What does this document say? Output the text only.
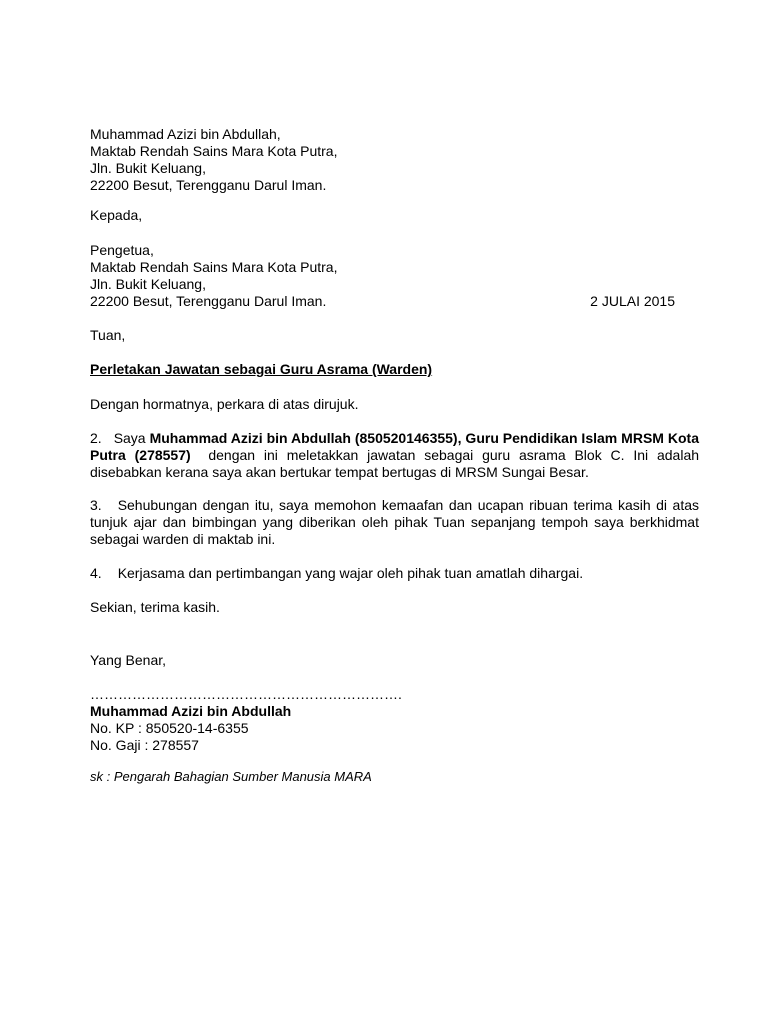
Muhammad Azizi bin Abdullah,
Maktab Rendah Sains Mara Kota Putra,
Jln. Bukit Keluang,
22200 Besut, Terengganu Darul Iman.
Kepada,
Pengetua,
Maktab Rendah Sains Mara Kota Putra,
Jln. Bukit Keluang,
22200 Besut, Terengganu Darul Iman.	2 JULAI 2015
Tuan,
Perletakan Jawatan sebagai Guru Asrama (Warden)
Dengan hormatnya, perkara di atas dirujuk.
2. Saya Muhammad Azizi bin Abdullah (850520146355), Guru Pendidikan Islam MRSM Kota Putra (278557) dengan ini meletakkan jawatan sebagai guru asrama Blok C. Ini adalah disebabkan kerana saya akan bertukar tempat bertugas di MRSM Sungai Besar.
3. Sehubungan dengan itu, saya memohon kemaafan dan ucapan ribuan terima kasih di atas tunjuk ajar dan bimbingan yang diberikan oleh pihak Tuan sepanjang tempoh saya berkhidmat sebagai warden di maktab ini.
4. Kerjasama dan pertimbangan yang wajar oleh pihak tuan amatlah dihargai.
Sekian, terima kasih.
Yang Benar,
………………………………………………………….
Muhammad Azizi bin Abdullah
No. KP : 850520-14-6355
No. Gaji : 278557
sk : Pengarah Bahagian Sumber Manusia MARA
